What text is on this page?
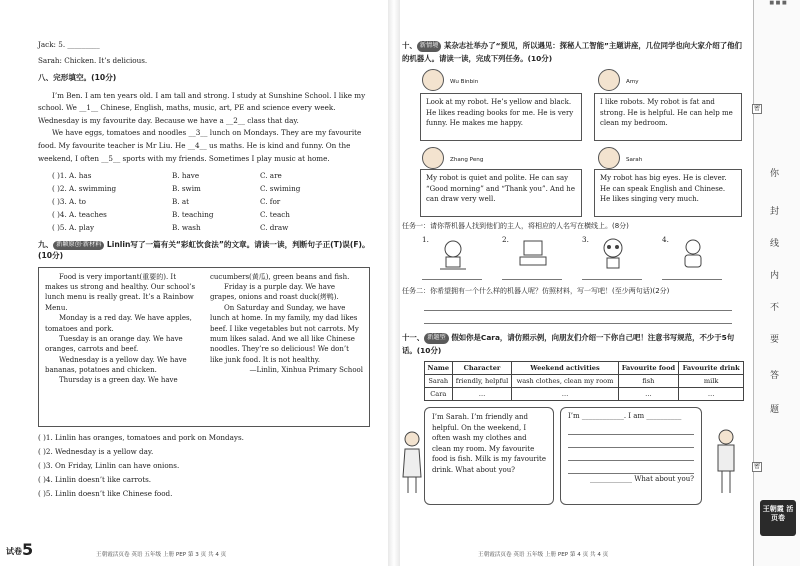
Jack: 5. _________

Sarah: Chicken. It’s delicious.

八、完形填空。(10分)

I’m Ben. I am ten years old. I am tall and strong. I study at Sunshine School. I like my school. We __1__ Chinese, English, maths, music, art, PE and science every week. Wednesday is my favourite day. Because we have a __2__ class that day.

We have eggs, tomatoes and noodles __3__ lunch on Mondays. They are my favourite food. My favourite teacher is Mr Liu. He __4__ us maths. He is kind and funny. On the weekend, I often __5__ sports with my friends. Sometimes I play music at home.

( )1. A. has	B. have	C. are
( )2. A. swimming	B. swim	C. swiming
( )3. A. to	B. at	C. for
( )4. A. teaches	B. teaching	C. teach
( )5. A. play	B. wash	C. draw
九、 新颖原创·新材料 Linlin写了一篇有关“彩虹饮食法”的文章。请读一读，判断句子正(T)误(F)。(10分)

Food is very important(重要的). It makes us strong and healthy. Our school’s lunch menu is really great. It’s a Rainbow Menu.

Monday is a red day. We have apples, tomatoes and pork.

Tuesday is an orange day. We have oranges, carrots and beef.

Wednesday is a yellow day. We have bananas, potatoes and chicken.

Thursday is a green day. We have

cucumbers(黄瓜), green beans and fish.

Friday is a purple day. We have grapes, onions and roast duck(烤鸭).

On Saturday and Sunday, we have lunch at home. In my family, my dad likes beef. I like vegetables but not carrots. My mum likes salad. And we all like Chinese noodles. They’re so delicious! We don’t like junk food. It is not healthy.

—Linlin, Xinhua Primary School

( )1. Linlin has oranges, tomatoes and pork on Mondays.
( )2. Wednesday is a yellow day.
( )3. On Friday, Linlin can have onions.
( )4. Linlin doesn’t like carrots.
( )5. Linlin doesn’t like Chinese food.
试卷 5	王朝霞活页卷 英语 五年级 上册 PEP 第 3 页 共 4 页
十、 新情境 某杂志社举办了“预见，所以遇见：探秘人工智能”主题讲座，几位同学也向大家介绍了他们的机器人。请读一读，完成下列任务。(10分)
Wu Binbin
Look at my robot. He’s yellow and black. He likes reading books for me. He is very funny. He makes me happy.
Amy
I like robots. My robot is fat and strong. He is helpful. He can help me clean my bedroom.
Zhang Peng
My robot is quiet and polite. He can say “Good morning” and “Thank you”. And he can draw very well.
Sarah
My robot has big eyes. He is clever. He can speak English and Chinese. He likes singing very much.
任务一：请你帮机器人找到他们的主人，将相应的人名写在横线上。(8分)
1.	2.	3.	4.
任务二：你希望拥有一个什么样的机器人呢？仿照材料，写一写吧！(至少两句话)(2分)
十一、 新题型 假如你是Cara，请仿照示例，向朋友们介绍一下你自己吧！注意书写规范，不少于5句话。(10分)
Name	Character	Weekend activities	Favourite food	Favourite drink
Sarah	friendly, helpful	wash clothes, clean my room	fish	milk
Cara	…	…	…	…
I’m Sarah. I’m friendly and helpful. On the weekend, I often wash my clothes and clean my room. My favourite food is fish. Milk is my favourite drink. What about you?
I’m ____________. I am __________
____________ What about you?
王朝霞活页卷 英语 五年级 上册 PEP 第 4 页 共 4 页
■ ■ ■
密
你
封
线
内
不
要
答
题
密
王朝霞 活页卷
